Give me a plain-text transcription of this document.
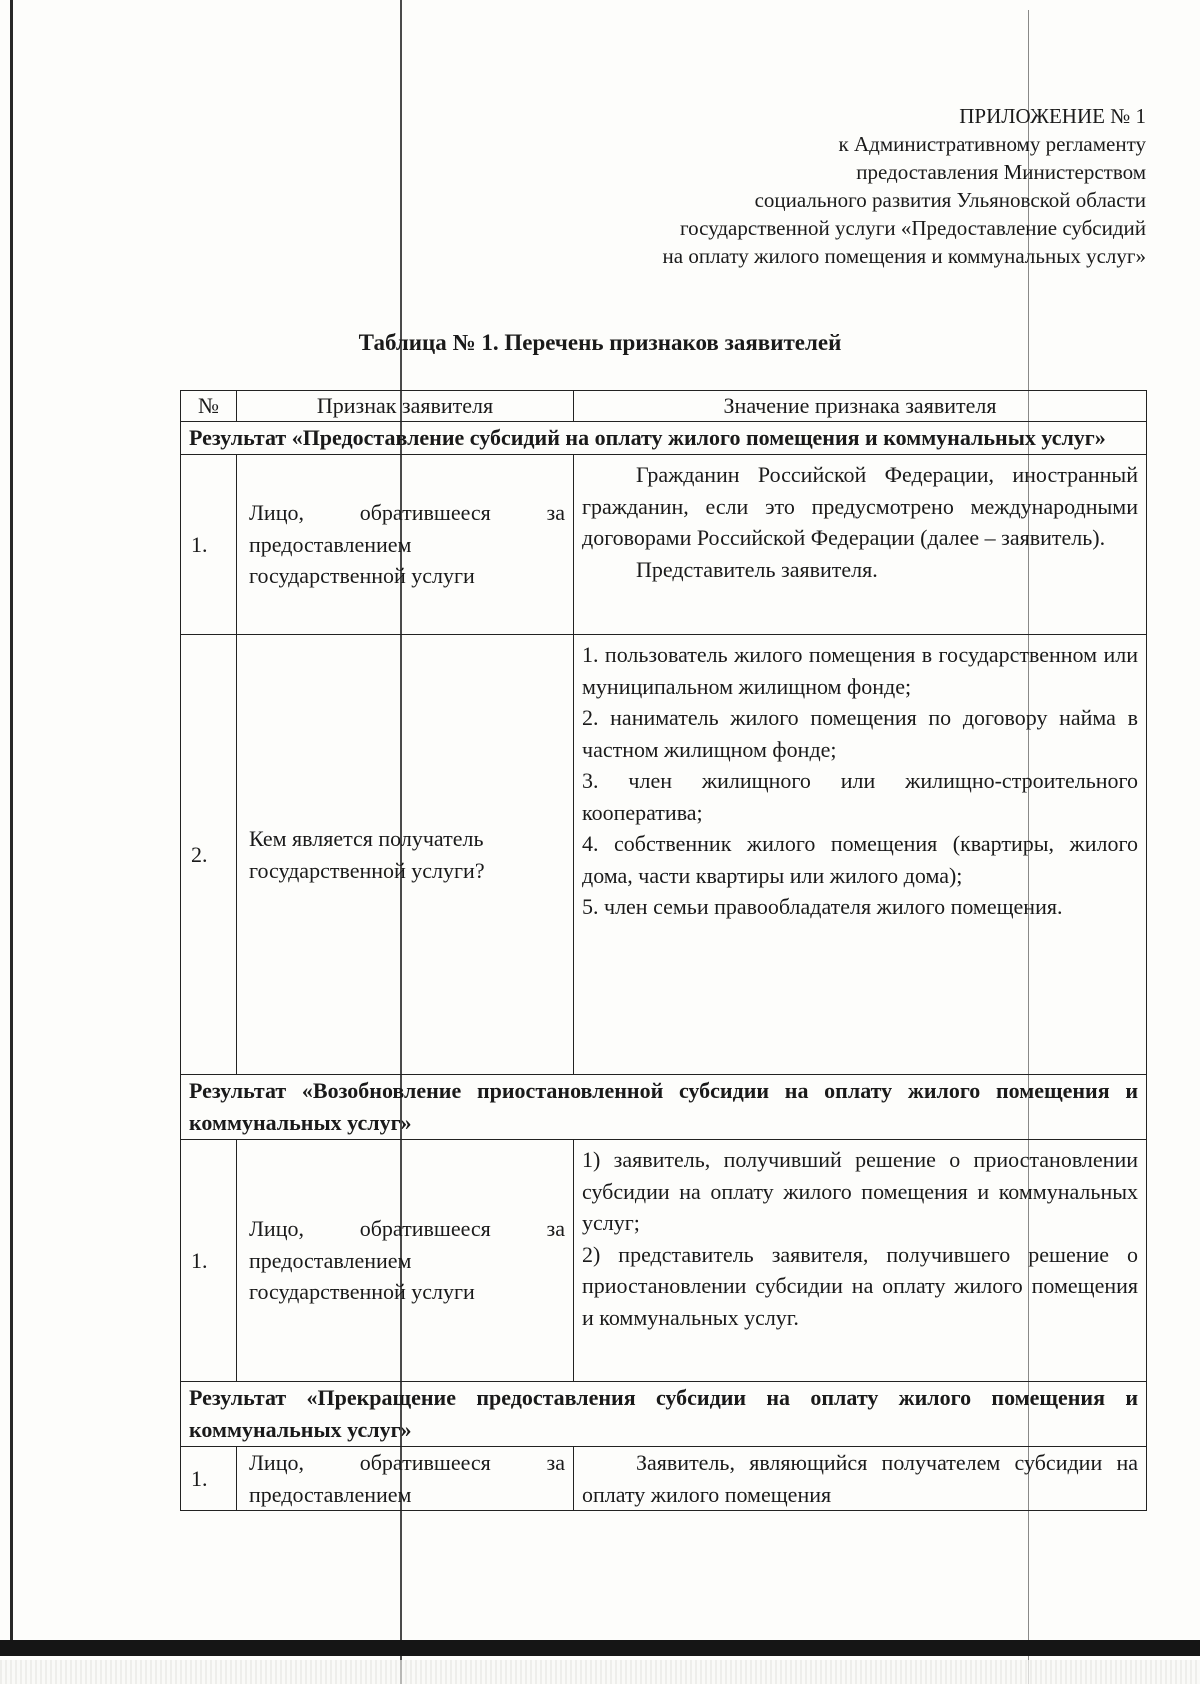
ПРИЛОЖЕНИЕ № 1
к Административному регламенту
предоставления Министерством
социального развития Ульяновской области
государственной услуги «Предоставление субсидий
на оплату жилого помещения и коммунальных услуг»
Таблица № 1. Перечень признаков заявителей
№	Признак заявителя	Значение признака заявителя
Результат «Предоставление субсидий на оплату жилого помещения и коммунальных услуг»		
1.	Лицо, обратившееся за предоставлением государственной услуги	Гражданин Российской Федерации, иностранный гражданин, если это предусмотрено международными договорами Российской Федерации (далее – заявитель).
Представитель заявителя.

2.	Кем является получатель государственной услуги?	1. пользователь жилого помещения в государственном или муниципальном жилищном фонде;
2. наниматель жилого помещения по договору найма в частном жилищном фонде;
3. член жилищного или жилищно-строительного кооператива;
4. собственник жилого помещения (квартиры, жилого дома, части квартиры или жилого дома);
5. член семьи правообладателя жилого помещения.

Результат «Возобновление приостановленной субсидии на оплату жилого помещения и коммунальных услуг»		
1.	Лицо, обратившееся за предоставлением государственной услуги	1) заявитель, получивший решение о приостановлении субсидии на оплату жилого помещения и коммунальных услуг;
2) представитель заявителя, получившего решение о приостановлении субсидии на оплату жилого помещения и коммунальных услуг.

Результат «Прекращение предоставления субсидии на оплату жилого помещения и коммунальных услуг»		
1.	Лицо, обратившееся за предоставлением	Заявитель, являющийся получателем субсидии на оплату жилого помещения
